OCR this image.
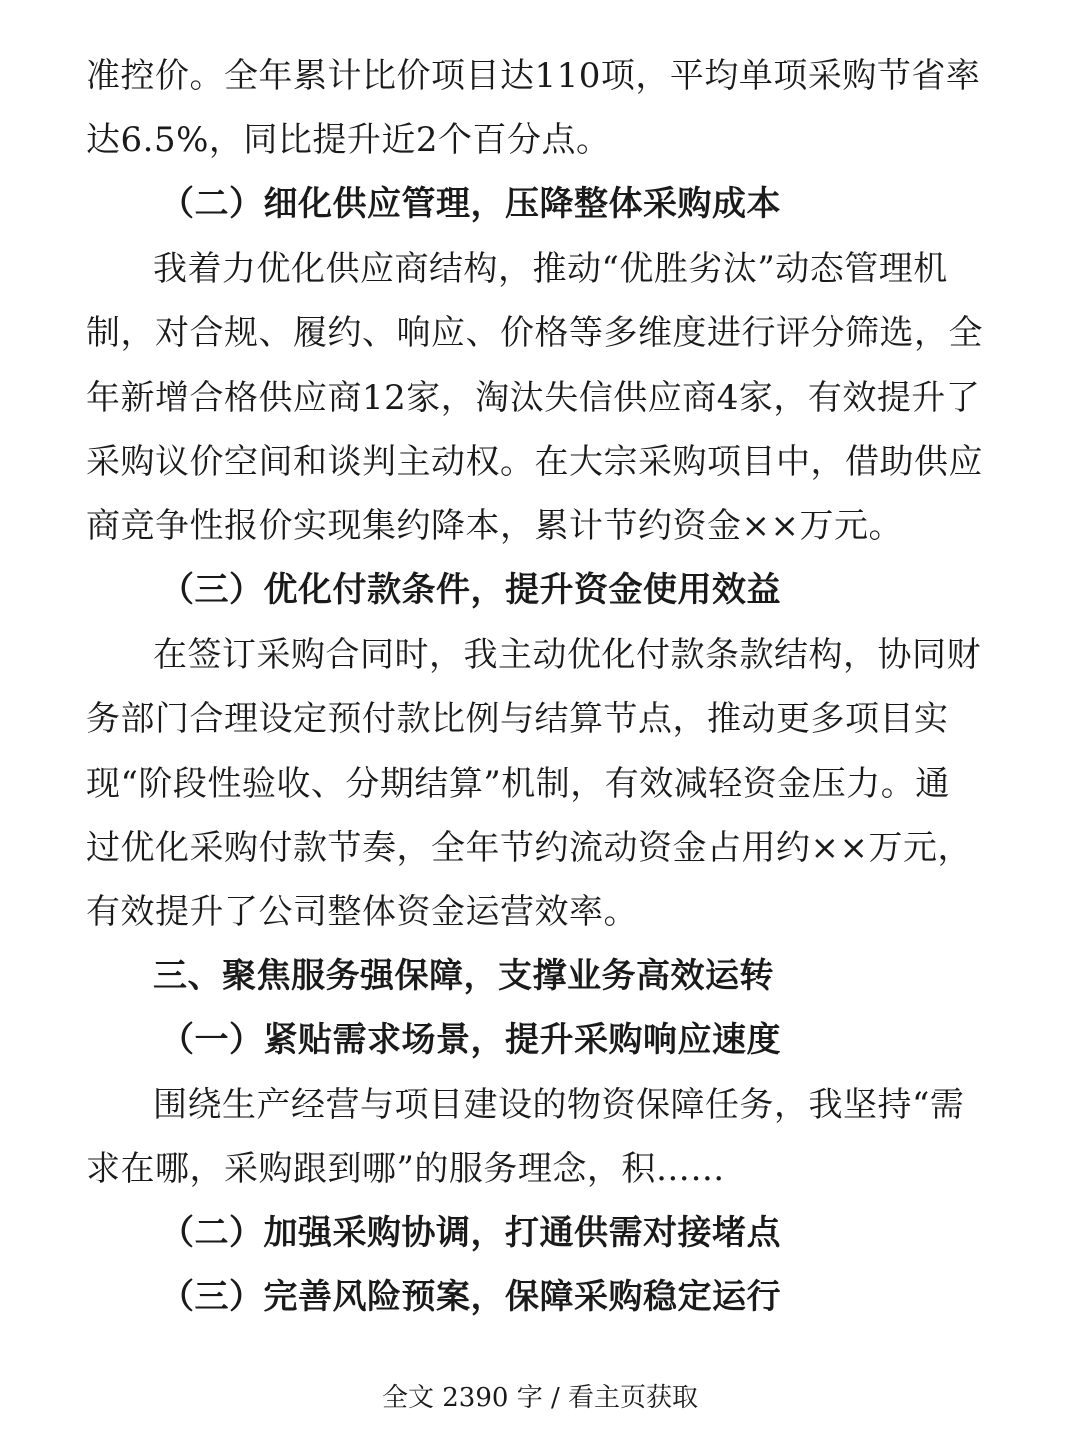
准控价。全年累计比价项目达110项，平均单项采购节省率
达6.5%，同比提升近2个百分点。
（二）细化供应管理，压降整体采购成本
我着力优化供应商结构，推动“优胜劣汰”动态管理机
制，对合规、履约、响应、价格等多维度进行评分筛选，全
年新增合格供应商12家，淘汰失信供应商4家，有效提升了
采购议价空间和谈判主动权。在大宗采购项目中，借助供应
商竞争性报价实现集约降本，累计节约资金××万元。
（三）优化付款条件，提升资金使用效益
在签订采购合同时，我主动优化付款条款结构，协同财
务部门合理设定预付款比例与结算节点，推动更多项目实
现“阶段性验收、分期结算”机制，有效减轻资金压力。通
过优化采购付款节奏，全年节约流动资金占用约××万元，
有效提升了公司整体资金运营效率。
三、聚焦服务强保障，支撑业务高效运转
（一）紧贴需求场景，提升采购响应速度
围绕生产经营与项目建设的物资保障任务，我坚持“需
求在哪，采购跟到哪”的服务理念，积……
（二）加强采购协调，打通供需对接堵点
（三）完善风险预案，保障采购稳定运行
全文 2390 字 / 看主页获取
